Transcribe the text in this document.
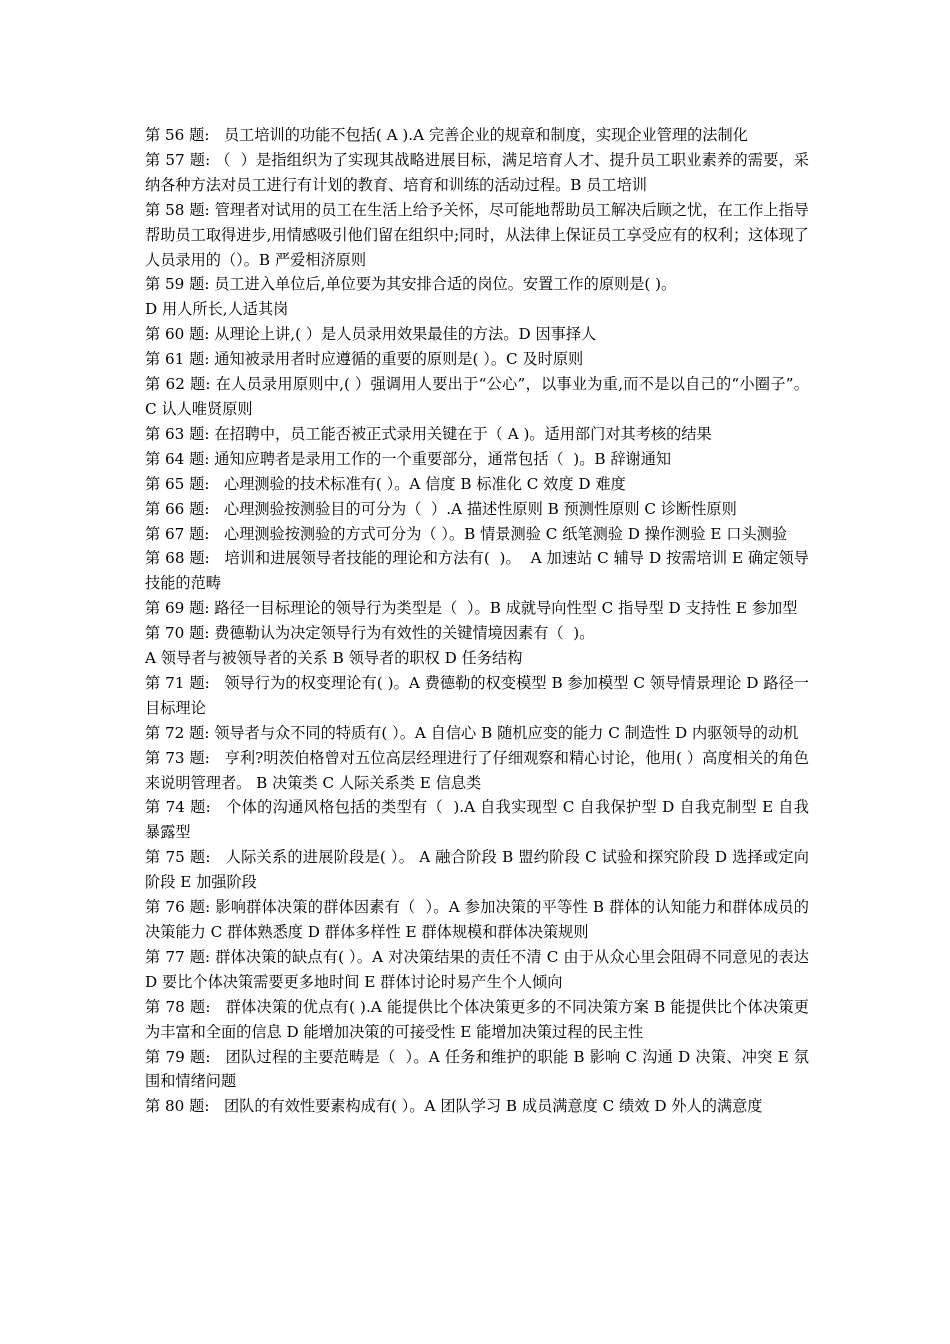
第 56 题:   员工培训的功能不包括( A ).A 完善企业的规章和制度，实现企业管理的法制化

第 57 题: （  ）是指组织为了实现其战略进展目标，满足培育人才、提升员工职业素养的需要，采纳各种方法对员工进行有计划的教育、培育和训练的活动过程。B 员工培训

第 58 题: 管理者对试用的员工在生活上给予关怀，尽可能地帮助员工解决后顾之忧，在工作上指导帮助员工取得进步,用情感吸引他们留在组织中;同时，从法律上保证员工享受应有的权利；这体现了人员录用的（）。B 严爱相济原则

第 59 题: 员工进入单位后,单位要为其安排合适的岗位。安置工作的原则是( )。

D 用人所长,人适其岗

第 60 题: 从理论上讲,( ）是人员录用效果最佳的方法。D 因事择人

第 61 题: 通知被录用者时应遵循的重要的原则是( ）。C 及时原则

第 62 题: 在人员录用原则中,( ）强调用人要出于“公心”，以事业为重,而不是以自己的“小圈子”。   C 认人唯贤原则

第 63 题: 在招聘中，员工能否被正式录用关键在于（ A )。适用部门对其考核的结果

第 64 题: 通知应聘者是录用工作的一个重要部分，通常包括（  )。B 辞谢通知

第 65 题:   心理测验的技术标准有( ）。A 信度 B 标准化 C 效度 D 难度

第 66 题:   心理测验按测验目的可分为（  ）.A 描述性原则 B 预测性原则 C 诊断性原则

第 67 题:   心理测验按测验的方式可分为（ ）。B 情景测验 C 纸笔测验 D 操作测验 E 口头测验

第 68 题:   培训和进展领导者技能的理论和方法有(  )。  A 加速站 C 辅导 D 按需培训 E 确定领导技能的范畴

第 69 题: 路径一目标理论的领导行为类型是（  ）。B 成就导向性型 C 指导型 D 支持性 E 参加型

第 70 题: 费德勒认为决定领导行为有效性的关键情境因素有（  )。

A 领导者与被领导者的关系 B 领导者的职权 D 任务结构

第 71 题:   领导行为的权变理论有( )。A 费德勒的权变模型 B 参加模型 C 领导情景理论 D 路径一目标理论

第 72 题: 领导者与众不同的特质有( ）。A 自信心 B 随机应变的能力 C 制造性 D 内驱领导的动机

第 73 题:   亨利?明茨伯格曾对五位高层经理进行了仔细观察和精心讨论，他用( ）高度相关的角色来说明管理者。 B 决策类 C 人际关系类 E 信息类

第 74 题:   个体的沟通风格包括的类型有（  ).A 自我实现型 C 自我保护型 D 自我克制型 E 自我暴露型

第 75 题:   人际关系的进展阶段是( ）。 A 融合阶段 B 盟约阶段 C 试验和探究阶段 D 选择或定向阶段 E 加强阶段

第 76 题: 影响群体决策的群体因素有（  ）。A 参加决策的平等性 B 群体的认知能力和群体成员的决策能力 C 群体熟悉度 D 群体多样性 E 群体规模和群体决策规则

第 77 题: 群体决策的缺点有( ）。A 对决策结果的责任不清 C 由于从众心里会阻碍不同意见的表达 D 要比个体决策需要更多地时间 E 群体讨论时易产生个人倾向

第 78 题:   群体决策的优点有( ).A 能提供比个体决策更多的不同决策方案 B 能提供比个体决策更为丰富和全面的信息 D 能增加决策的可接受性 E 能增加决策过程的民主性

第 79 题:   团队过程的主要范畴是（  ）。A 任务和维护的职能 B 影响 C 沟通 D 决策、冲突 E 氛围和情绪问题

第 80 题:   团队的有效性要素构成有( ）。A 团队学习 B 成员满意度 C 绩效 D 外人的满意度
